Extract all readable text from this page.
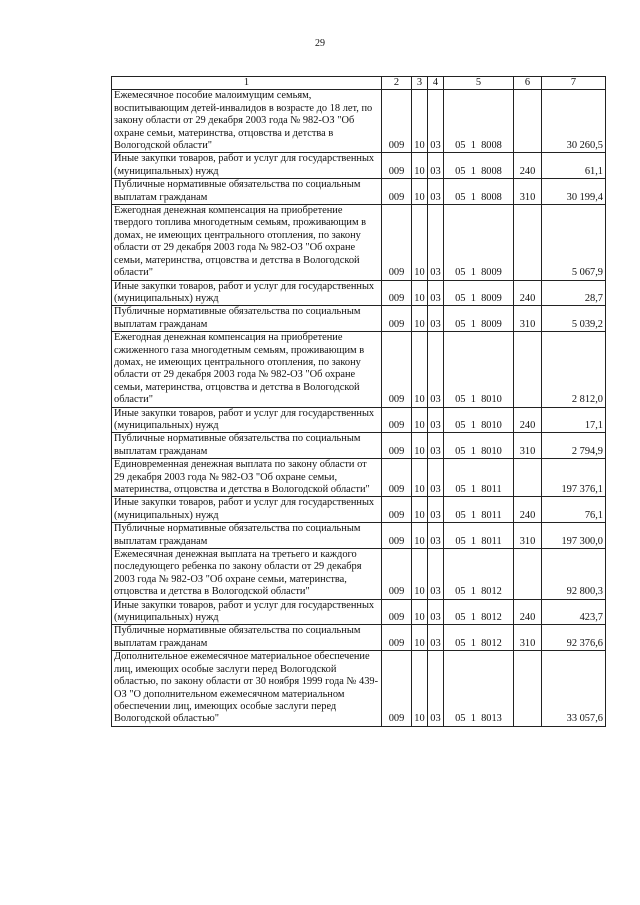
29
1	2	3	4	5	6	7
Ежемесячное пособие малоимущим семьям, воспитывающим детей-инвалидов в возрасте до 18 лет, по закону области от 29 декабря 2003 года № 982-ОЗ "Об охране семьи, материнства, отцовства и детства в Вологодской области"	009	10	03	05  1  8008		30 260,5
Иные закупки товаров, работ и услуг для государственных (муниципальных) нужд	009	10	03	05  1  8008	240	61,1
Публичные нормативные обязательства по социальным выплатам гражданам	009	10	03	05  1  8008	310	30 199,4
Ежегодная денежная компенсация на приобретение твердого топлива многодетным семьям, проживающим в домах, не имеющих центрального отопления, по закону области от 29 декабря 2003 года № 982-ОЗ "Об охране семьи, материнства, отцовства и детства в Вологодской области"	009	10	03	05  1  8009		5 067,9
Иные закупки товаров, работ и услуг для государственных (муниципальных) нужд	009	10	03	05  1  8009	240	28,7
Публичные нормативные обязательства по социальным выплатам гражданам	009	10	03	05  1  8009	310	5 039,2
Ежегодная денежная компенсация на приобретение сжиженного газа многодетным семьям, проживающим в домах, не имеющих центрального отопления, по закону области от 29 декабря 2003 года № 982-ОЗ "Об охране семьи, материнства, отцовства и детства в Вологодской области"	009	10	03	05  1  8010		2 812,0
Иные закупки товаров, работ и услуг для государственных (муниципальных) нужд	009	10	03	05  1  8010	240	17,1
Публичные нормативные обязательства по социальным выплатам гражданам	009	10	03	05  1  8010	310	2 794,9
Единовременная денежная выплата по закону области от 29 декабря 2003 года № 982-ОЗ "Об охране семьи, материнства, отцовства и детства в Вологодской области"	009	10	03	05  1  8011		197 376,1
Иные закупки товаров, работ и услуг для государственных (муниципальных) нужд	009	10	03	05  1  8011	240	76,1
Публичные нормативные обязательства по социальным выплатам гражданам	009	10	03	05  1  8011	310	197 300,0
Ежемесячная денежная выплата на третьего и каждого последующего ребенка по закону области от 29 декабря 2003 года № 982-ОЗ "Об охране семьи, материнства, отцовства и детства в Вологодской области"	009	10	03	05  1  8012		92 800,3
Иные закупки товаров, работ и услуг для государственных (муниципальных) нужд	009	10	03	05  1  8012	240	423,7
Публичные нормативные обязательства по социальным выплатам гражданам	009	10	03	05  1  8012	310	92 376,6
Дополнительное ежемесячное материальное обеспечение лиц, имеющих особые заслуги перед Вологодской областью, по закону области от 30 ноября 1999 года № 439-ОЗ "О дополнительном ежемесячном материальном обеспечении лиц, имеющих особые заслуги перед Вологодской областью"	009	10	03	05  1  8013		33 057,6
